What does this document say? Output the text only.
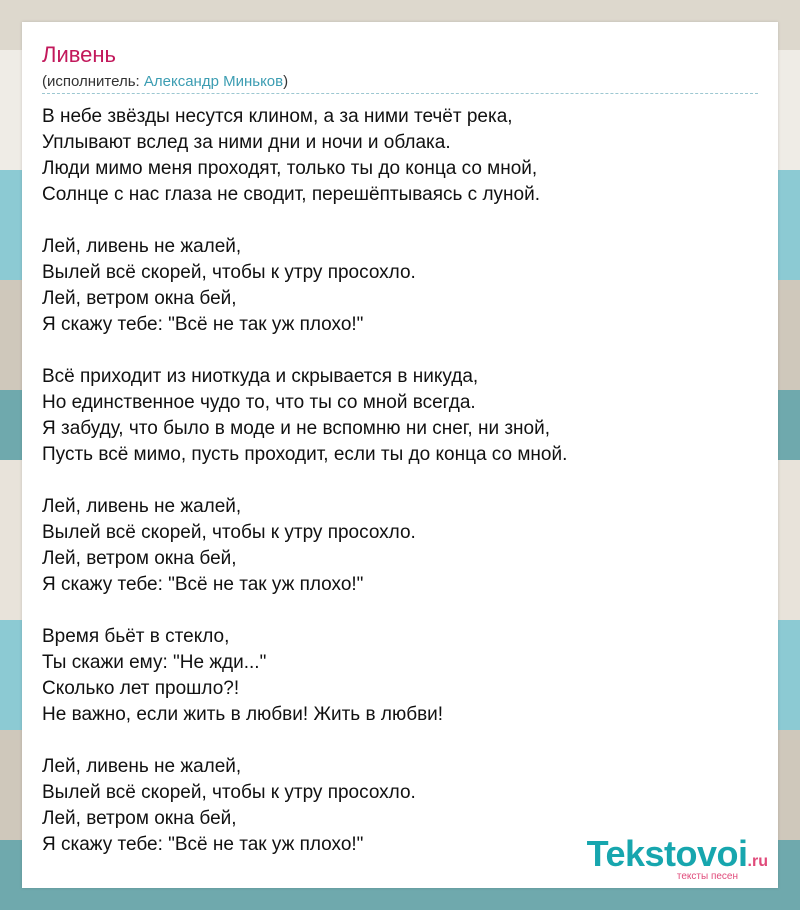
Ливень
(исполнитель: Александр Миньков)
В небе звёзды несутся клином, а за ними течёт река,
Уплывают вслед за ними дни и ночи и облака.
Люди мимо меня проходят, только ты до конца со мной,
Солнце с нас глаза не сводит, перешёптываясь с луной.
Лей, ливень не жалей,
Вылей всё скорей, чтобы к утру просохло.
Лей, ветром окна бей,
Я скажу тебе: "Всё не так уж плохо!"
Всё приходит из ниоткуда и скрывается в никуда,
Но единственное чудо то, что ты со мной всегда.
Я забуду, что было в моде и не вспомню ни снег, ни зной,
Пусть всё мимо, пусть проходит, если ты до конца со мной.
Лей, ливень не жалей,
Вылей всё скорей, чтобы к утру просохло.
Лей, ветром окна бей,
Я скажу тебе: "Всё не так уж плохо!"
Время бьёт в стекло,
Ты скажи ему: "Не жди..."
Сколько лет прошло?!
Не важно, если жить в любви! Жить в любви!
Лей, ливень не жалей,
Вылей всё скорей, чтобы к утру просохло.
Лей, ветром окна бей,
Я скажу тебе: "Всё не так уж плохо!"	Tekstovoi.ru
тексты песен
